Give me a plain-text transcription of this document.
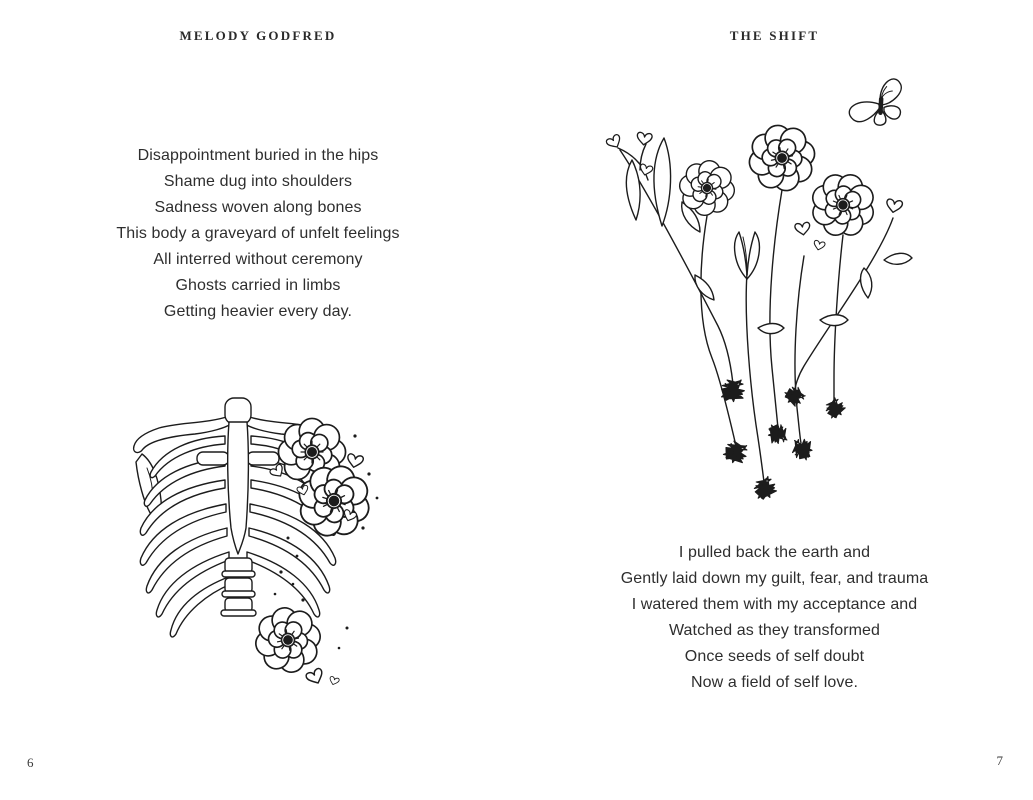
MELODY GODFRED
Disappointment buried in the hips
Shame dug into shoulders
Sadness woven along bones
This body a graveyard of unfelt feelings
All interred without ceremony
Ghosts carried in limbs
Getting heavier every day.
6
THE SHIFT
I pulled back the earth and
Gently laid down my guilt, fear, and trauma
I watered them with my acceptance and
Watched as they transformed
Once seeds of self doubt
Now a field of self love.
7
